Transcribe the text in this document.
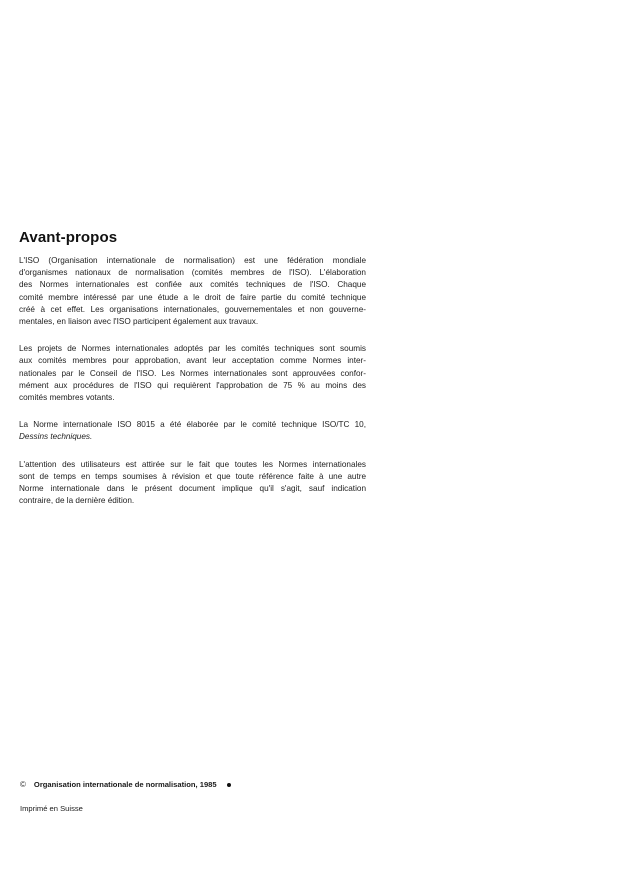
Avant-propos

L'ISO (Organisation internationale de normalisation) est une fédération mondiale
d'organismes nationaux de normalisation (comités membres de l'ISO). L'élaboration
des Normes internationales est confiée aux comités techniques de l'ISO. Chaque
comité membre intéressé par une étude a le droit de faire partie du comité technique
créé à cet effet. Les organisations internationales, gouvernementales et non gouverne-
mentales, en liaison avec l'ISO participent également aux travaux.

Les projets de Normes internationales adoptés par les comités techniques sont soumis
aux comités membres pour approbation, avant leur acceptation comme Normes inter-
nationales par le Conseil de l'ISO. Les Normes internationales sont approuvées confor-
mément aux procédures de l'ISO qui requièrent l'approbation de 75 % au moins des
comités membres votants.

La Norme internationale ISO 8015 a été élaborée par le comité technique ISO/TC 10,
Dessins techniques.

L'attention des utilisateurs est attirée sur le fait que toutes les Normes internationales
sont de temps en temps soumises à révision et que toute référence faite à une autre
Norme internationale dans le présent document implique qu'il s'agit, sauf indication
contraire, de la dernière édition.

© Organisation internationale de normalisation, 1985
Imprimé en Suisse
